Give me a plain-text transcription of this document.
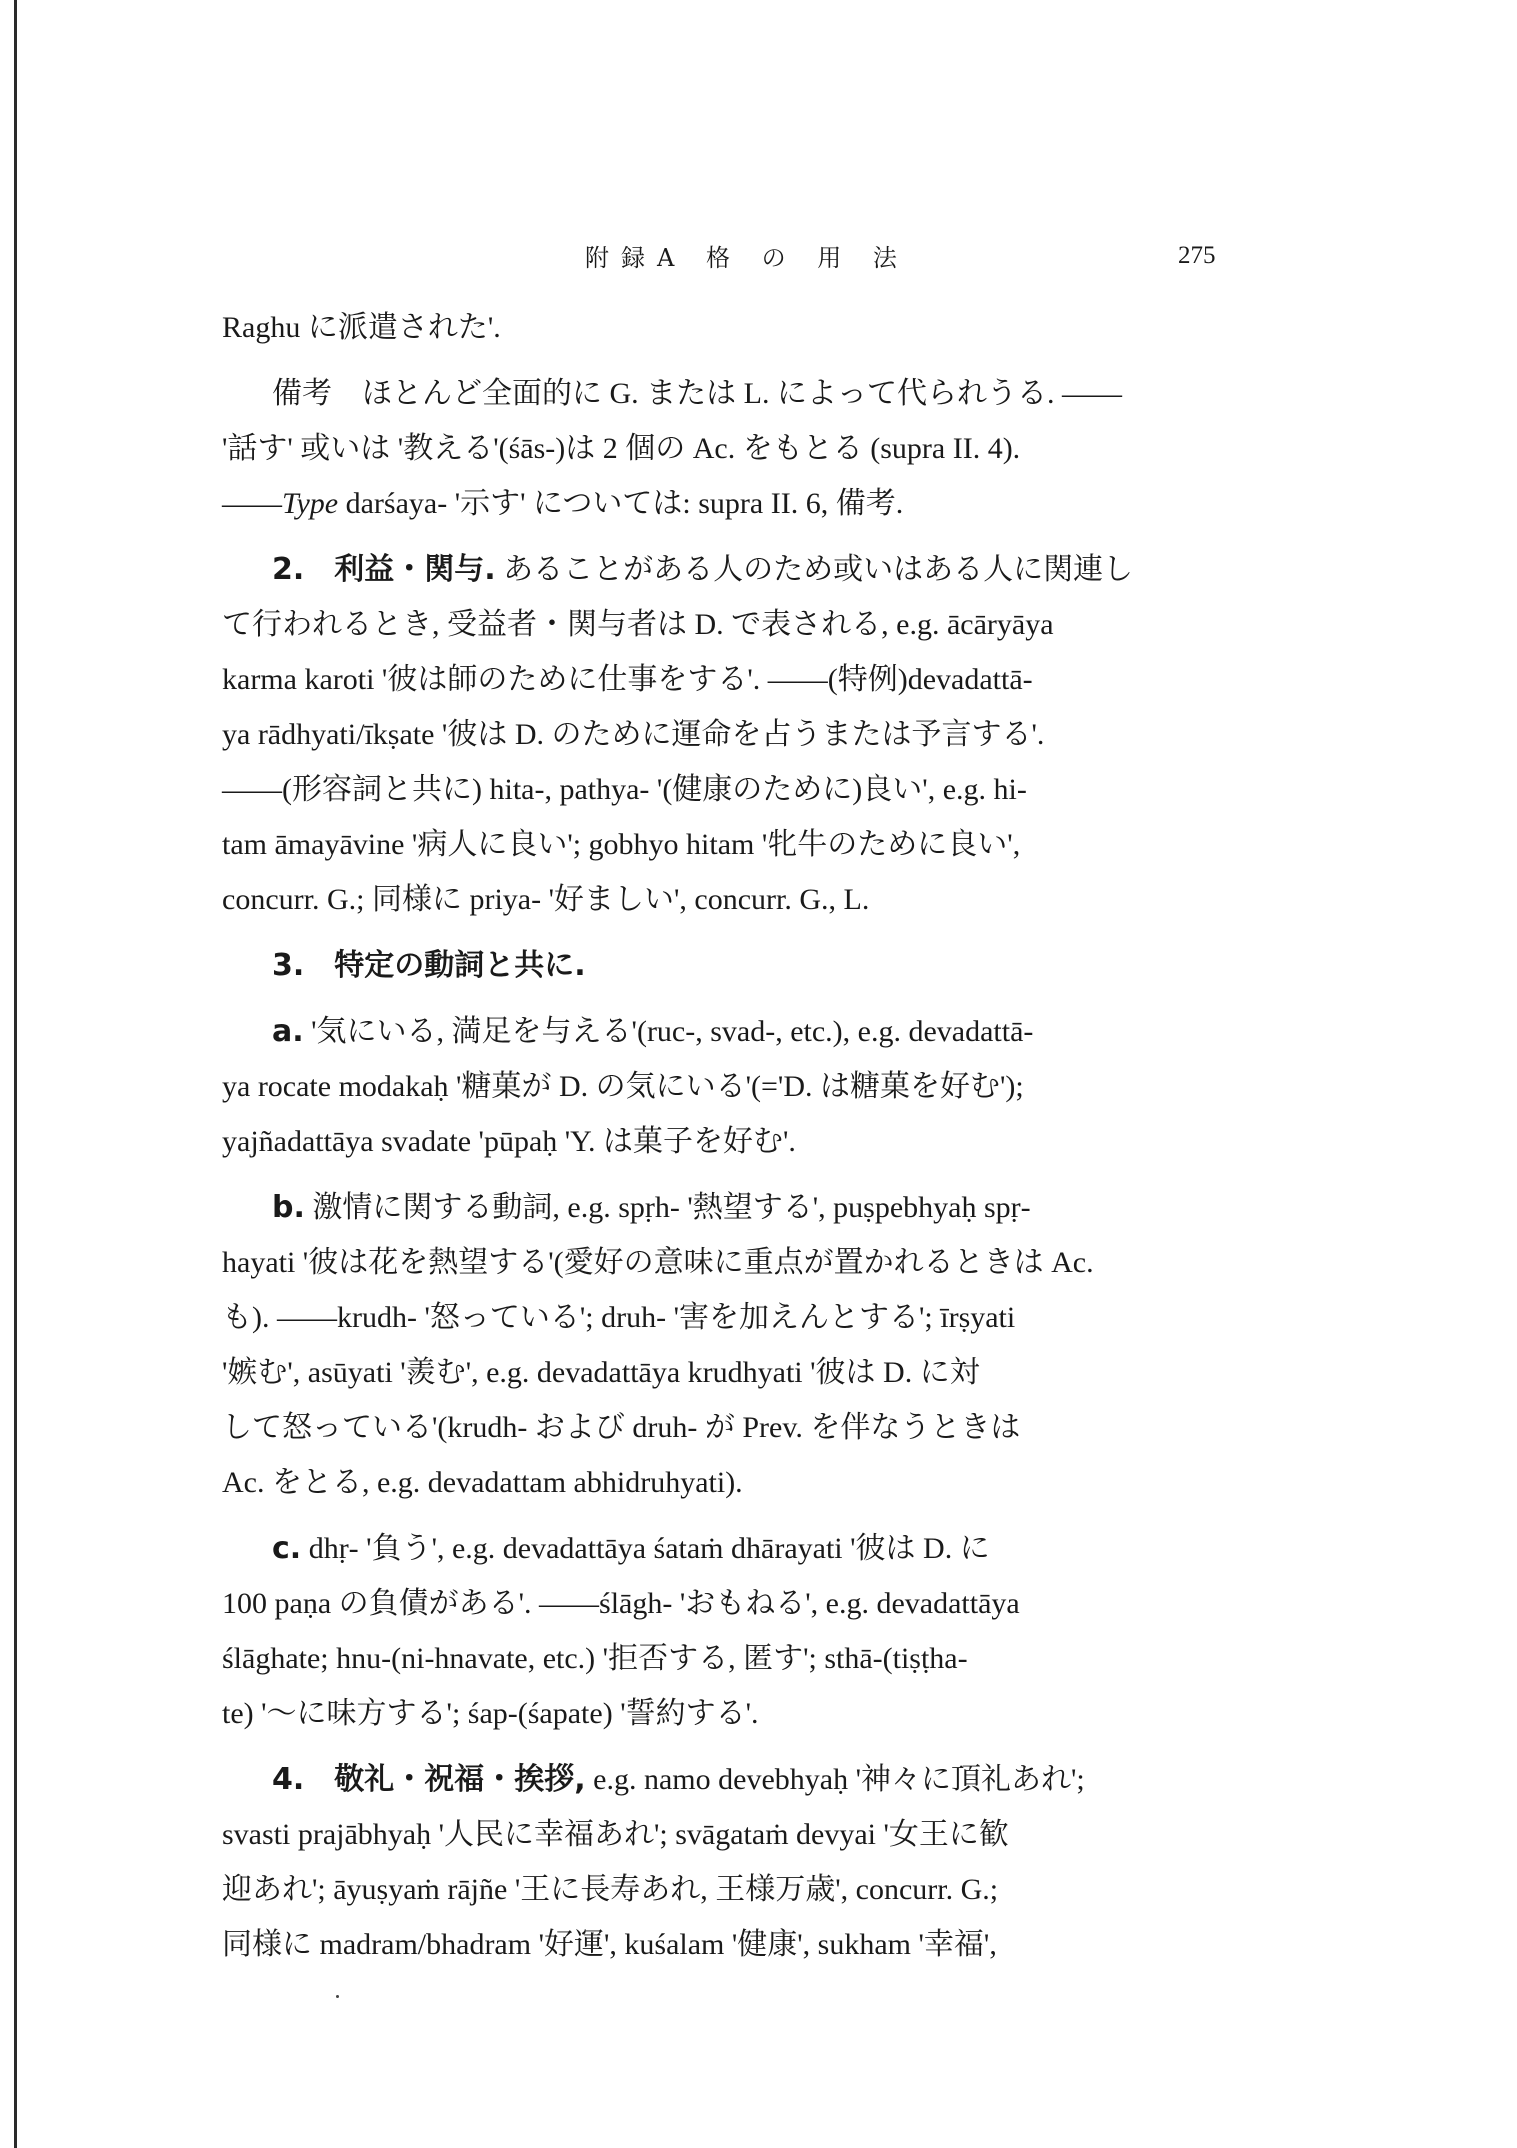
附録A 格 の 用 法	275
Raghu に派遣された'.
備考　ほとんど全面的に G. または L. によって代られうる. ——
'話す' 或いは '教える'(śās-)は 2 個の Ac. をもとる (supra II. 4).
——Type darśaya- '示す' については: supra II. 6, 備考.
2.　利益・関与. あることがある人のため或いはある人に関連し
て行われるとき, 受益者・関与者は D. で表される, e.g. ācāryāya
karma karoti '彼は師のために仕事をする'. ——(特例)devadattā-
ya rādhyati/īkṣate '彼は D. のために運命を占うまたは予言する'.
——(形容詞と共に) hita-, pathya- '(健康のために)良い', e.g. hi-
tam āmayāvine '病人に良い'; gobhyo hitam '牝牛のために良い',
concurr. G.; 同様に priya- '好ましい', concurr. G., L.
3.　特定の動詞と共に.
a. '気にいる, 満足を与える'(ruc-, svad-, etc.), e.g. devadattā-
ya rocate modakaḥ '糖菓が D. の気にいる'(='D. は糖菓を好む');
yajñadattāya svadate 'pūpaḥ 'Y. は菓子を好む'.
b. 激情に関する動詞, e.g. spṛh- '熱望する', puṣpebhyaḥ spṛ-
hayati '彼は花を熱望する'(愛好の意味に重点が置かれるときは Ac.
も). ——krudh- '怒っている'; druh- '害を加えんとする'; īrṣyati
'嫉む', asūyati '羨む', e.g. devadattāya krudhyati '彼は D. に対
して怒っている'(krudh- および druh- が Prev. を伴なうときは
Ac. をとる, e.g. devadattam abhidruhyati).
c. dhṛ- '負う', e.g. devadattāya śataṁ dhārayati '彼は D. に
100 paṇa の負債がある'. ——ślāgh- 'おもねる', e.g. devadattāya
ślāghate; hnu-(ni-hnavate, etc.) '拒否する, 匿す'; sthā-(tiṣṭha-
te) '～に味方する'; śap-(śapate) '誓約する'.
4.　敬礼・祝福・挨拶, e.g. namo devebhyaḥ '神々に頂礼あれ';
svasti prajābhyaḥ '人民に幸福あれ'; svāgataṁ devyai '女王に歓
迎あれ'; āyuṣyaṁ rājñe '王に長寿あれ, 王様万歳', concurr. G.;
同様に madram/bhadram '好運', kuśalam '健康', sukham '幸福',
